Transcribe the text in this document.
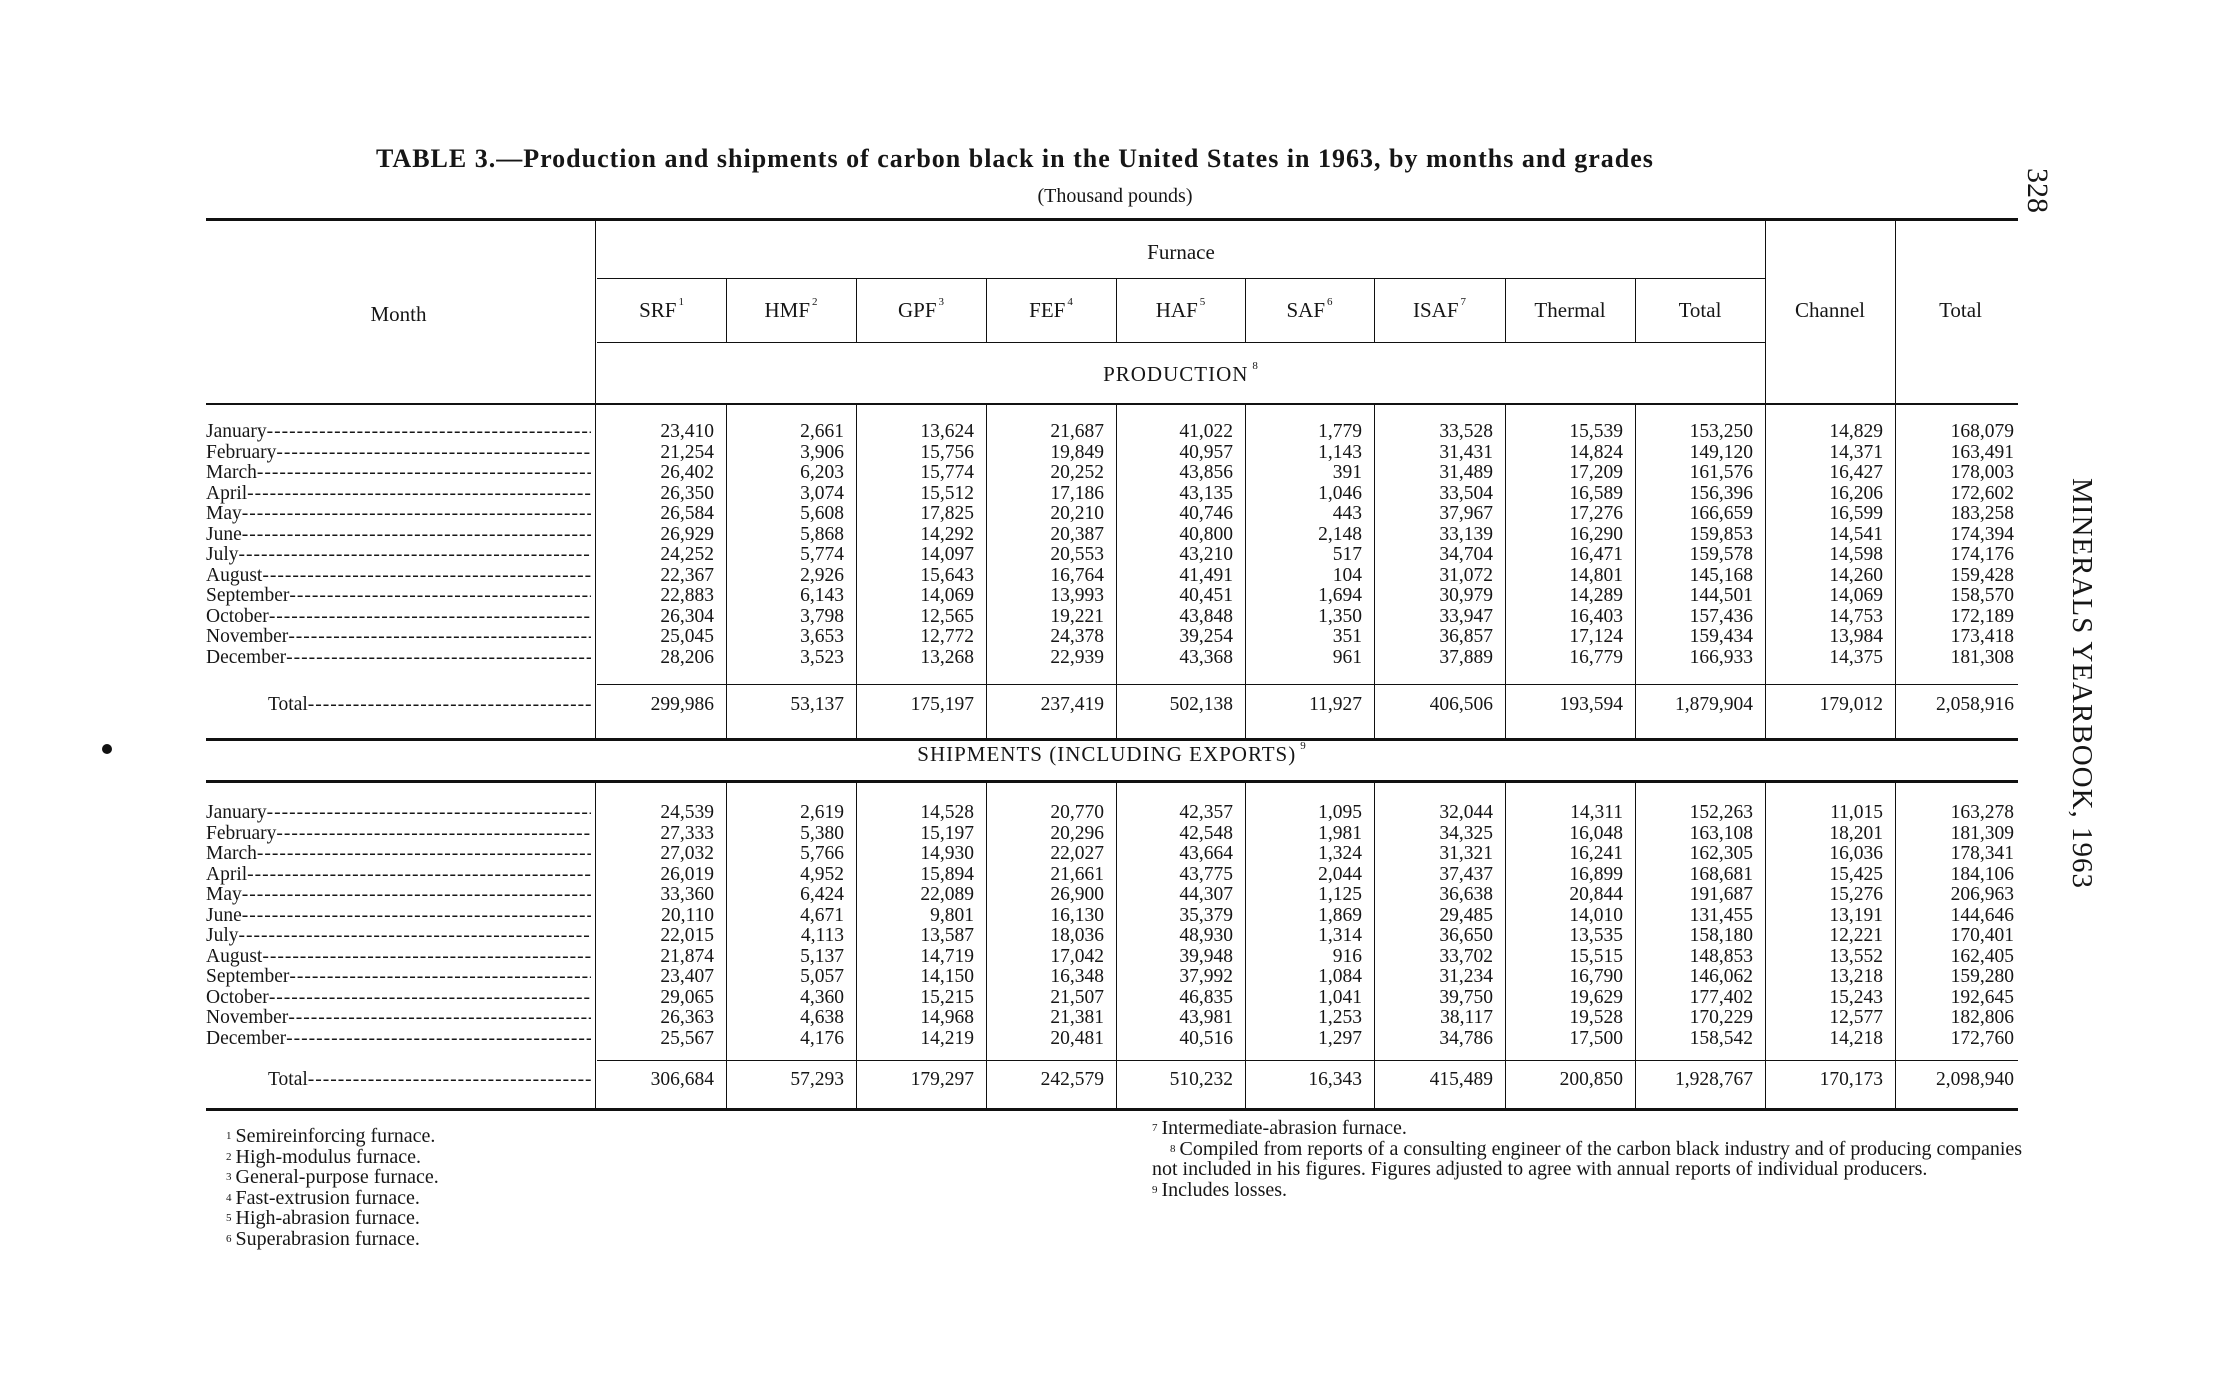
TABLE 3.—Production and shipments of carbon black in the United States in 1963, by months and grades
(Thousand pounds)	328
MINERALS YEARBOOK, 1963
Month
Furnace
PRODUCTION $^8$
SHIPMENTS (INCLUDING EXPORTS) $^9$
SRF $^1$	HMF $^2$	GPF $^3$	FEF $^4$	HAF $^5$	SAF $^6$	ISAF $^7$	Thermal	Total	Channel	Total
January -----	23,410	2,661	13,624	21,687	41,022	1,779	33,528	15,539	153,250	14,829	168,079
February -----	21,254	3,906	15,756	19,849	40,957	1,143	31,431	14,824	149,120	14,371	163,491
March -----	26,402	6,203	15,774	20,252	43,856	391	31,489	17,209	161,576	16,427	178,003
April -----	26,350	3,074	15,512	17,186	43,135	1,046	33,504	16,589	156,396	16,206	172,602
May -----	26,584	5,608	17,825	20,210	40,746	443	37,967	17,276	166,659	16,599	183,258
June -----	26,929	5,868	14,292	20,387	40,800	2,148	33,139	16,290	159,853	14,541	174,394
July -----	24,252	5,774	14,097	20,553	43,210	517	34,704	16,471	159,578	14,598	174,176
August -----	22,367	2,926	15,643	16,764	41,491	104	31,072	14,801	145,168	14,260	159,428
September -----	22,883	6,143	14,069	13,993	40,451	1,694	30,979	14,289	144,501	14,069	158,570
October -----	26,304	3,798	12,565	19,221	43,848	1,350	33,947	16,403	157,436	14,753	172,189
November -----	25,045	3,653	12,772	24,378	39,254	351	36,857	17,124	159,434	13,984	173,418
December -----	28,206	3,523	13,268	22,939	43,368	961	37,889	16,779	166,933	14,375	181,308
Total -----	299,986	53,137	175,197	237,419	502,138	11,927	406,506	193,594	1,879,904	179,012	2,058,916
January -----	24,539	2,619	14,528	20,770	42,357	1,095	32,044	14,311	152,263	11,015	163,278
February -----	27,333	5,380	15,197	20,296	42,548	1,981	34,325	16,048	163,108	18,201	181,309
March -----	27,032	5,766	14,930	22,027	43,664	1,324	31,321	16,241	162,305	16,036	178,341
April -----	26,019	4,952	15,894	21,661	43,775	2,044	37,437	16,899	168,681	15,425	184,106
May -----	33,360	6,424	22,089	26,900	44,307	1,125	36,638	20,844	191,687	15,276	206,963
June -----	20,110	4,671	9,801	16,130	35,379	1,869	29,485	14,010	131,455	13,191	144,646
July -----	22,015	4,113	13,587	18,036	48,930	1,314	36,650	13,535	158,180	12,221	170,401
August -----	21,874	5,137	14,719	17,042	39,948	916	33,702	15,515	148,853	13,552	162,405
September -----	23,407	5,057	14,150	16,348	37,992	1,084	31,234	16,790	146,062	13,218	159,280
October -----	29,065	4,360	15,215	21,507	46,835	1,041	39,750	19,629	177,402	15,243	192,645
November -----	26,363	4,638	14,968	21,381	43,981	1,253	38,117	19,528	170,229	12,577	182,806
December -----	25,567	4,176	14,219	20,481	40,516	1,297	34,786	17,500	158,542	14,218	172,760
Total -----	306,684	57,293	179,297	242,579	510,232	16,343	415,489	200,850	1,928,767	170,173	2,098,940
$^1$ Semireinforcing furnace.
$^2$ High-modulus furnace.
$^3$ General-purpose furnace.
$^4$ Fast-extrusion furnace.
$^5$ High-abrasion furnace.
$^6$ Superabrasion furnace.
$^7$ Intermediate-abrasion furnace.
$^8$ Compiled from reports of a consulting engineer of the carbon black industry and of producing companies not included in his figures. Figures adjusted to agree with annual reports of individual producers.
$^9$ Includes losses.
